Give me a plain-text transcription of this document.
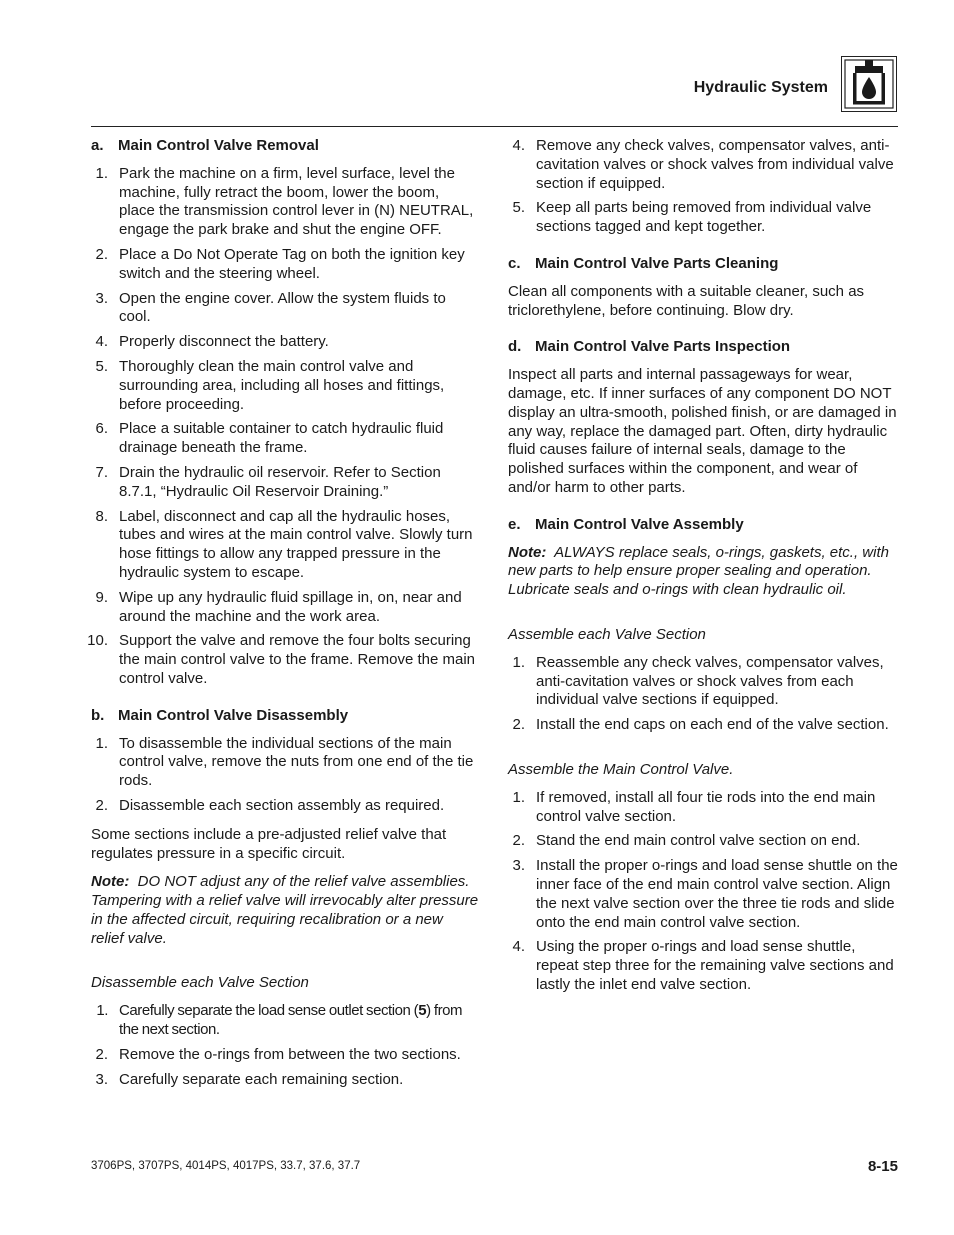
Hydraulic System
a. Main Control Valve Removal
1. Park the machine on a firm, level surface, level the machine, fully retract the boom, lower the boom, place the transmission control lever in (N) NEUTRAL, engage the park brake and shut the engine OFF.
2. Place a Do Not Operate Tag on both the ignition key switch and the steering wheel.
3. Open the engine cover. Allow the system fluids to cool.
4. Properly disconnect the battery.
5. Thoroughly clean the main control valve and surrounding area, including all hoses and fittings, before proceeding.
6. Place a suitable container to catch hydraulic fluid drainage beneath the frame.
7. Drain the hydraulic oil reservoir. Refer to Section 8.7.1, “Hydraulic Oil Reservoir Draining.”
8. Label, disconnect and cap all the hydraulic hoses, tubes and wires at the main control valve. Slowly turn hose fittings to allow any trapped pressure in the hydraulic system to escape.
9. Wipe up any hydraulic fluid spillage in, on, near and around the machine and the work area.
10. Support the valve and remove the four bolts securing the main control valve to the frame. Remove the main control valve.
b. Main Control Valve Disassembly
1. To disassemble the individual sections of the main control valve, remove the nuts from one end of the tie rods.
2. Disassemble each section assembly as required.

Some sections include a pre-adjusted relief valve that regulates pressure in a specific circuit.

Note: DO NOT adjust any of the relief valve assemblies. Tampering with a relief valve will irrevocably alter pressure in the affected circuit, requiring recalibration or a new relief valve.

Disassemble each Valve Section
1. Carefully separate the load sense outlet section (5) from the next section.
2. Remove the o-rings from between the two sections.
3. Carefully separate each remaining section.
4. Remove any check valves, compensator valves, anti-cavitation valves or shock valves from individual valve section if equipped.
5. Keep all parts being removed from individual valve sections tagged and kept together.
c. Main Control Valve Parts Cleaning

Clean all components with a suitable cleaner, such as triclorethylene, before continuing. Blow dry.

d. Main Control Valve Parts Inspection

Inspect all parts and internal passageways for wear, damage, etc. If inner surfaces of any component DO NOT display an ultra-smooth, polished finish, or are damaged in any way, replace the damaged part. Often, dirty hydraulic fluid causes failure of internal seals, damage to the polished surfaces within the component, and wear of and/or harm to other parts.

e. Main Control Valve Assembly

Note: ALWAYS replace seals, o-rings, gaskets, etc., with new parts to help ensure proper sealing and operation. Lubricate seals and o-rings with clean hydraulic oil.

Assemble each Valve Section
1. Reassemble any check valves, compensator valves, anti-cavitation valves or shock valves from each individual valve sections if equipped.
2. Install the end caps on each end of the valve section.
Assemble the Main Control Valve.
1. If removed, install all four tie rods into the end main control valve section.
2. Stand the end main control valve section on end.
3. Install the proper o-rings and load sense shuttle on the inner face of the end main control valve section. Align the next valve section over the three tie rods and slide onto the end main control valve section.
4. Using the proper o-rings and load sense shuttle, repeat step three for the remaining valve sections and lastly the inlet end valve section.
3706PS, 3707PS, 4014PS, 4017PS, 33.7, 37.6, 37.7	8-15
